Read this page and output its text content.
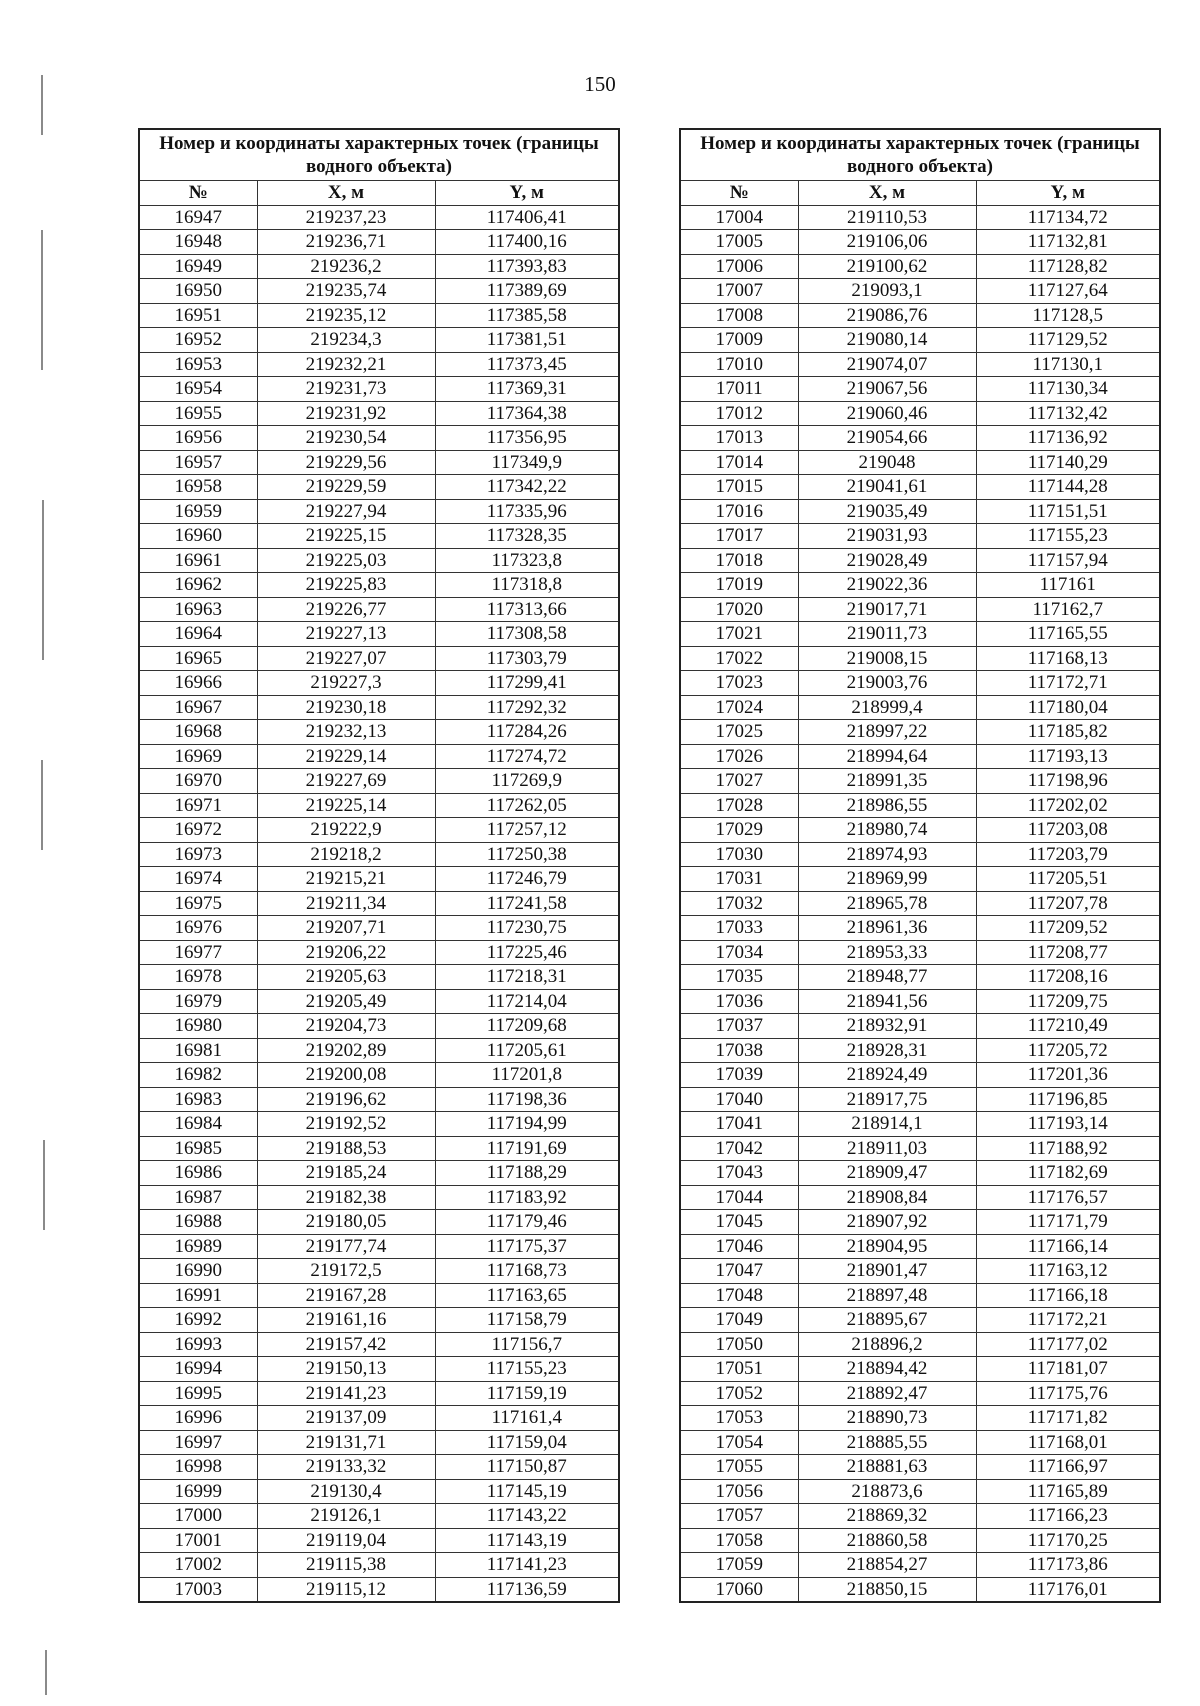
150
Номер и координаты характерных точек (границы водного объекта)		
№	X, м	Y, м
16947	219237,23	117406,41
16948	219236,71	117400,16
16949	219236,2	117393,83
16950	219235,74	117389,69
16951	219235,12	117385,58
16952	219234,3	117381,51
16953	219232,21	117373,45
16954	219231,73	117369,31
16955	219231,92	117364,38
16956	219230,54	117356,95
16957	219229,56	117349,9
16958	219229,59	117342,22
16959	219227,94	117335,96
16960	219225,15	117328,35
16961	219225,03	117323,8
16962	219225,83	117318,8
16963	219226,77	117313,66
16964	219227,13	117308,58
16965	219227,07	117303,79
16966	219227,3	117299,41
16967	219230,18	117292,32
16968	219232,13	117284,26
16969	219229,14	117274,72
16970	219227,69	117269,9
16971	219225,14	117262,05
16972	219222,9	117257,12
16973	219218,2	117250,38
16974	219215,21	117246,79
16975	219211,34	117241,58
16976	219207,71	117230,75
16977	219206,22	117225,46
16978	219205,63	117218,31
16979	219205,49	117214,04
16980	219204,73	117209,68
16981	219202,89	117205,61
16982	219200,08	117201,8
16983	219196,62	117198,36
16984	219192,52	117194,99
16985	219188,53	117191,69
16986	219185,24	117188,29
16987	219182,38	117183,92
16988	219180,05	117179,46
16989	219177,74	117175,37
16990	219172,5	117168,73
16991	219167,28	117163,65
16992	219161,16	117158,79
16993	219157,42	117156,7
16994	219150,13	117155,23
16995	219141,23	117159,19
16996	219137,09	117161,4
16997	219131,71	117159,04
16998	219133,32	117150,87
16999	219130,4	117145,19
17000	219126,1	117143,22
17001	219119,04	117143,19
17002	219115,38	117141,23
17003	219115,12	117136,59
Номер и координаты характерных точек (границы водного объекта)		
№	X, м	Y, м
17004	219110,53	117134,72
17005	219106,06	117132,81
17006	219100,62	117128,82
17007	219093,1	117127,64
17008	219086,76	117128,5
17009	219080,14	117129,52
17010	219074,07	117130,1
17011	219067,56	117130,34
17012	219060,46	117132,42
17013	219054,66	117136,92
17014	219048	117140,29
17015	219041,61	117144,28
17016	219035,49	117151,51
17017	219031,93	117155,23
17018	219028,49	117157,94
17019	219022,36	117161
17020	219017,71	117162,7
17021	219011,73	117165,55
17022	219008,15	117168,13
17023	219003,76	117172,71
17024	218999,4	117180,04
17025	218997,22	117185,82
17026	218994,64	117193,13
17027	218991,35	117198,96
17028	218986,55	117202,02
17029	218980,74	117203,08
17030	218974,93	117203,79
17031	218969,99	117205,51
17032	218965,78	117207,78
17033	218961,36	117209,52
17034	218953,33	117208,77
17035	218948,77	117208,16
17036	218941,56	117209,75
17037	218932,91	117210,49
17038	218928,31	117205,72
17039	218924,49	117201,36
17040	218917,75	117196,85
17041	218914,1	117193,14
17042	218911,03	117188,92
17043	218909,47	117182,69
17044	218908,84	117176,57
17045	218907,92	117171,79
17046	218904,95	117166,14
17047	218901,47	117163,12
17048	218897,48	117166,18
17049	218895,67	117172,21
17050	218896,2	117177,02
17051	218894,42	117181,07
17052	218892,47	117175,76
17053	218890,73	117171,82
17054	218885,55	117168,01
17055	218881,63	117166,97
17056	218873,6	117165,89
17057	218869,32	117166,23
17058	218860,58	117170,25
17059	218854,27	117173,86
17060	218850,15	117176,01
